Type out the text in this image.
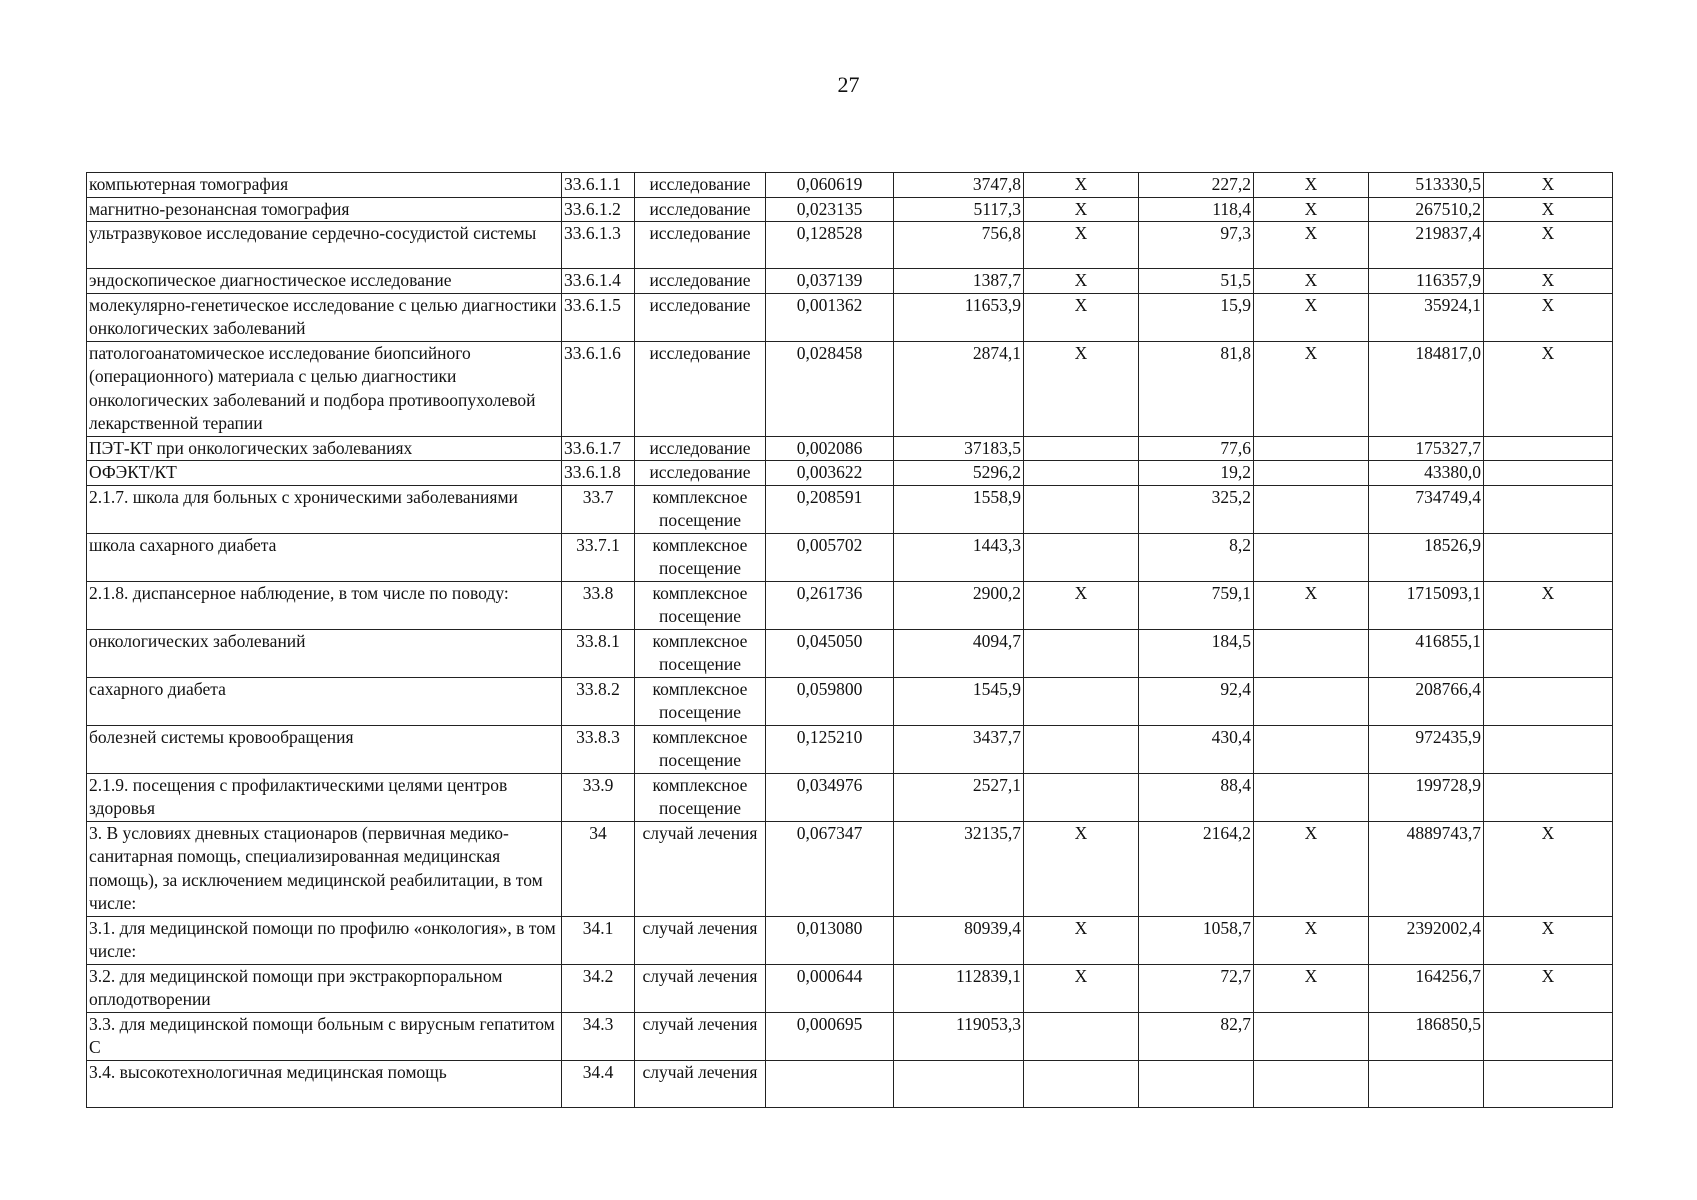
27
компьютерная томография	33.6.1.1	исследование	0,060619	3747,8	Х	227,2	Х	513330,5	Х
магнитно-резонансная томография	33.6.1.2	исследование	0,023135	5117,3	Х	118,4	Х	267510,2	Х
ультразвуковое исследование сердечно-сосудистой системы	33.6.1.3	исследование	0,128528	756,8	Х	97,3	Х	219837,4	Х
эндоскопическое диагностическое исследование	33.6.1.4	исследование	0,037139	1387,7	Х	51,5	Х	116357,9	Х
молекулярно-генетическое исследование с целью диагностики онкологических заболеваний	33.6.1.5	исследование	0,001362	11653,9	Х	15,9	Х	35924,1	Х
патологоанатомическое исследование биопсийного (операционного) материала с целью диагностики онкологических заболеваний и подбора противоопухолевой лекарственной терапии	33.6.1.6	исследование	0,028458	2874,1	Х	81,8	Х	184817,0	Х
ПЭТ-КТ при онкологических заболеваниях	33.6.1.7	исследование	0,002086	37183,5		77,6		175327,7	
ОФЭКТ/КТ	33.6.1.8	исследование	0,003622	5296,2		19,2		43380,0	
2.1.7. школа для больных с хроническими заболеваниями	33.7	комплексное посещение	0,208591	1558,9		325,2		734749,4	
школа сахарного диабета	33.7.1	комплексное посещение	0,005702	1443,3		8,2		18526,9	
2.1.8. диспансерное наблюдение, в том числе по поводу:	33.8	комплексное посещение	0,261736	2900,2	Х	759,1	Х	1715093,1	Х
онкологических заболеваний	33.8.1	комплексное посещение	0,045050	4094,7		184,5		416855,1	
сахарного диабета	33.8.2	комплексное посещение	0,059800	1545,9		92,4		208766,4	
болезней системы кровообращения	33.8.3	комплексное посещение	0,125210	3437,7		430,4		972435,9	
2.1.9. посещения с профилактическими целями центров здоровья	33.9	комплексное посещение	0,034976	2527,1		88,4		199728,9	
3. В условиях дневных стационаров (первичная медико-санитарная помощь, специализированная медицинская помощь), за исключением медицинской реабилитации, в том числе:	34	случай лечения	0,067347	32135,7	Х	2164,2	Х	4889743,7	Х
3.1. для медицинской помощи по профилю «онкология», в том числе:	34.1	случай лечения	0,013080	80939,4	Х	1058,7	Х	2392002,4	Х
3.2. для медицинской помощи при экстракорпоральном оплодотворении	34.2	случай лечения	0,000644	112839,1	Х	72,7	Х	164256,7	Х
3.3. для медицинской помощи больным с вирусным гепатитом С	34.3	случай лечения	0,000695	119053,3		82,7		186850,5	
3.4. высокотехнологичная медицинская помощь	34.4	случай лечения							
